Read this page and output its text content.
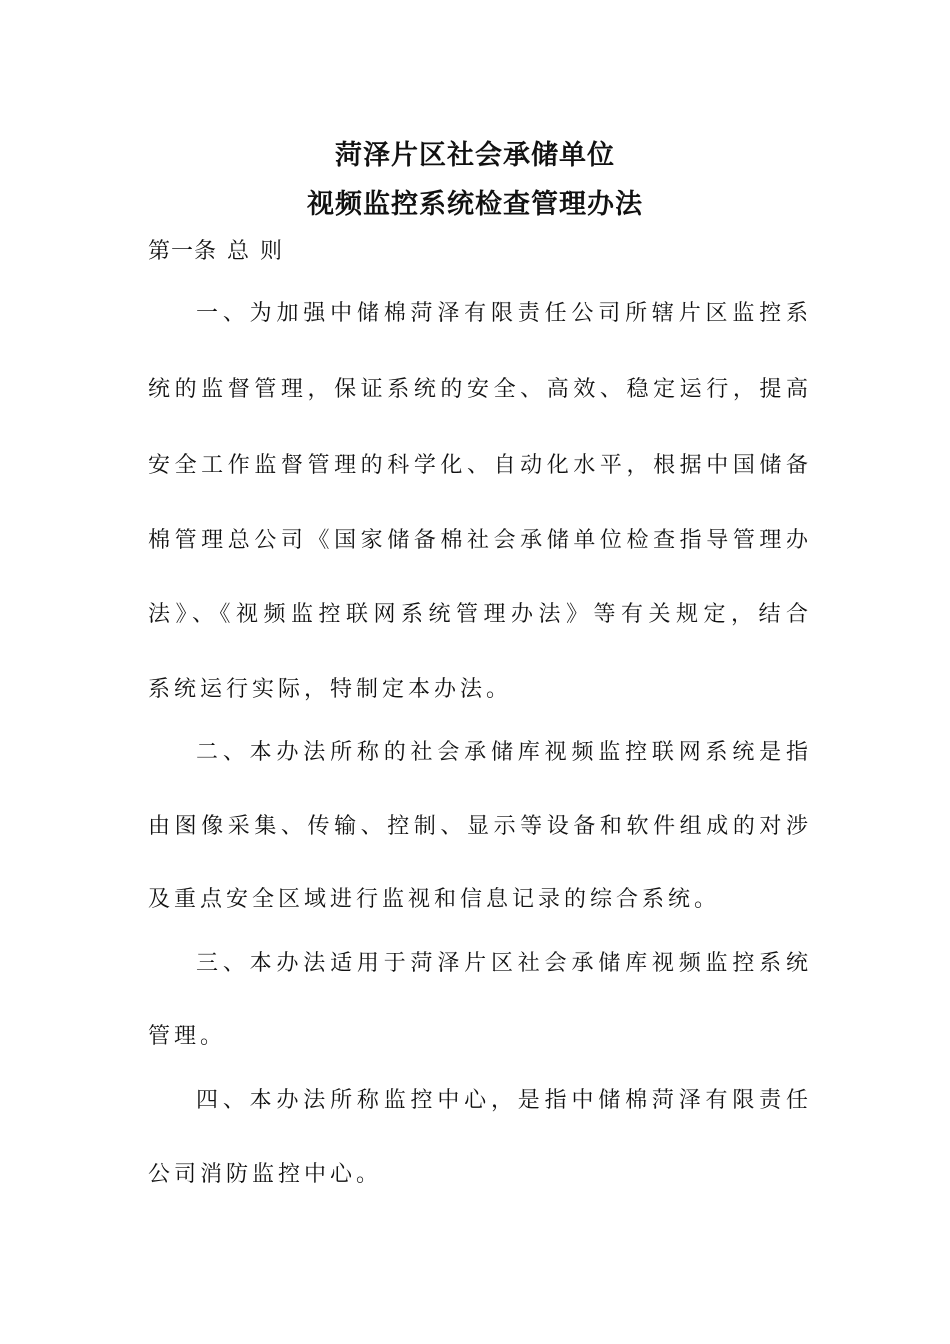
菏泽片区社会承储单位
视频监控系统检查管理办法
第一条 总 则
一、为加强中储棉菏泽有限责任公司所辖片区监控系
统的监督管理，保证系统的安全、高效、稳定运行，提高
安全工作监督管理的科学化、自动化水平，根据中国储备
棉管理总公司《国家储备棉社会承储单位检查指导管理办
法》、《视频监控联网系统管理办法》等有关规定，结合
系统运行实际，特制定本办法。
二、本办法所称的社会承储库视频监控联网系统是指
由图像采集、传输、控制、显示等设备和软件组成的对涉
及重点安全区域进行监视和信息记录的综合系统。
三、本办法适用于菏泽片区社会承储库视频监控系统
管理。
四、本办法所称监控中心，是指中储棉菏泽有限责任
公司消防监控中心。
